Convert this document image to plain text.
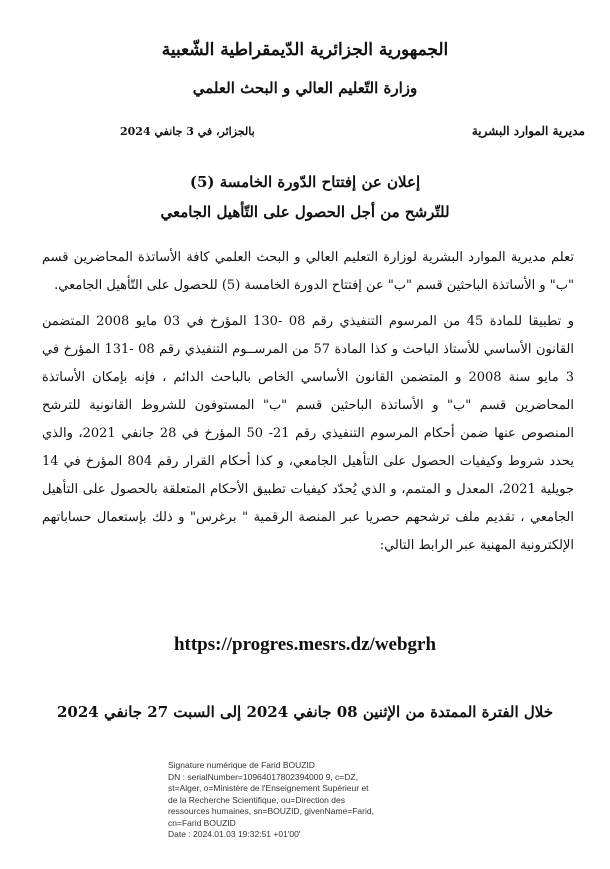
الجمهورية الجزائرية الدّيمقراطية الشّعبية
وزارة التّعليم العالي و البحث العلمي
مديرية الموارد البشرية
بالجزائر، في 3 جانفي 2024
إعلان عن إفتتاح الدّورة الخامسة (5)
للتّرشح من أجل الحصول على التّأهيل الجامعي

تعلم مديرية الموارد البشرية لوزارة التعليم العالي و البحث العلمي كافة الأساتذة المحاضرين قسم "ب" و الأساتذة الباحثين قسم "ب" عن إفتتاح الدورة الخامسة (5) للحصول على التّأهيل الجامعي.

و تطبيقا للمادة 45 من المرسوم التنفيذي رقم 08 -130 المؤرخ في 03 مايو 2008 المتضمن القانون الأساسي للأستاذ الباحث و كذا المادة 57 من المرســوم التنفيذي رقم 08 -131 المؤرخ في 3 مايو سنة 2008 و المتضمن القانون الأساسي الخاص بالباحث الدائم ، فإنه بإمكان الأساتذة المحاضرين قسم "ب" و الأساتذة الباحثين قسم "ب" المستوفون للشروط القانونية للترشح المنصوص عنها ضمن أحكام المرسوم التنفيذي رقم 21- 50 المؤرخ في 28 جانفي 2021، والذي يحدد شروط وكيفيات الحصول على التأهيل الجامعي، و كذا أحكام القرار رقم 804 المؤرخ في 14 جويلية 2021، المعدل و المتمم، و الذي يُحدّد كيفيات تطبيق الأحكام المتعلقة بالحصول على التأهيل الجامعي ، تقديم ملف ترشحهم حصريا عبر المنصة الرقمية " برغرس" و ذلك بإستعمال حساباتهم الإلكترونية المهنية عبر الرابط التالي:

https://progres.mesrs.dz/webgrh
خلال الفترة الممتدة من الإثنين 08 جانفي 2024 إلى السبت 27 جانفي 2024
Signature numérique de Farid BOUZID
DN : serialNumber=10964017802394000 9, c=DZ,
st=Alger, o=Ministère de l'Enseignement Supérieur et
de la Recherche Scientifique, ou=Direction des
ressources humaines, sn=BOUZID, givenName=Farid,
cn=Farid BOUZID
Date : 2024.01.03 19:32:51 +01'00'
